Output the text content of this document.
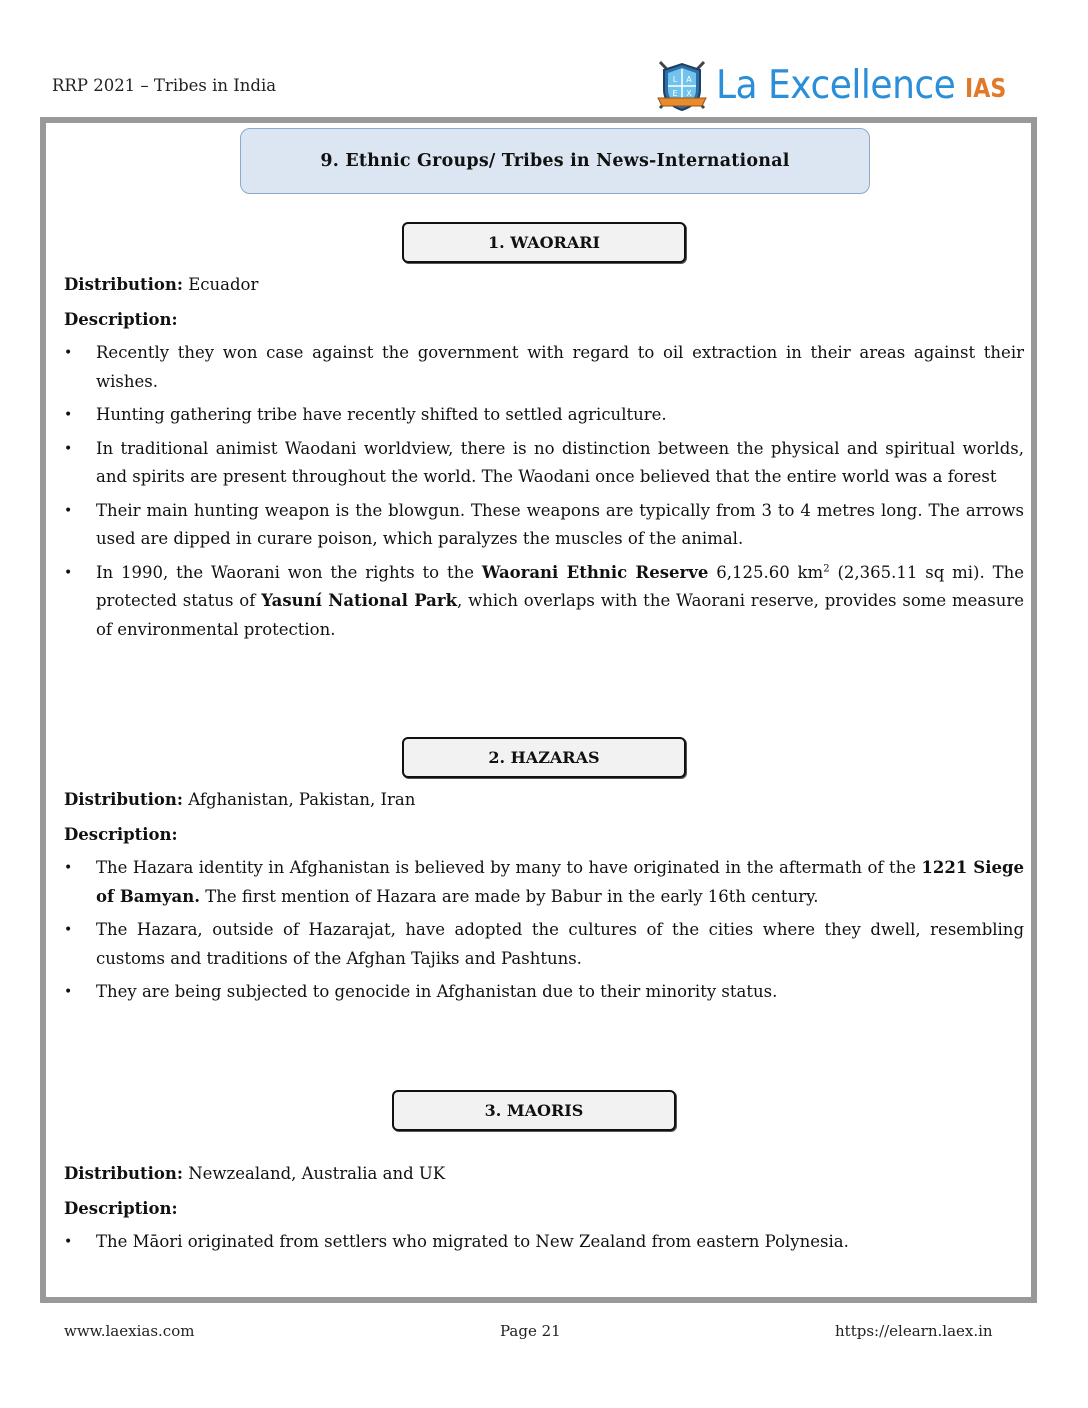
RRP 2021 – Tribes in India	L A
E X La Excellence IAS
9. Ethnic Groups/ Tribes in News-International
1. WAORARI

Distribution: Ecuador

Description:

• Recently they won case against the government with regard to oil extraction in their areas against their wishes.
• Hunting gathering tribe have recently shifted to settled agriculture.
• In traditional animist Waodani worldview, there is no distinction between the physical and spiritual worlds, and spirits are present throughout the world. The Waodani once believed that the entire world was a forest
• Their main hunting weapon is the blowgun. These weapons are typically from 3 to 4 metres long. The arrows used are dipped in curare poison, which paralyzes the muscles of the animal.
• In 1990, the Waorani won the rights to the Waorani Ethnic Reserve 6,125.60 $km^2$ (2,365.11 sq mi). The protected status of Yasuní National Park, which overlaps with the Waorani reserve, provides some measure of environmental protection.
2. HAZARAS

Distribution: Afghanistan, Pakistan, Iran

Description:

• The Hazara identity in Afghanistan is believed by many to have originated in the aftermath of the 1221 Siege of Bamyan. The first mention of Hazara are made by Babur in the early 16th century.
• The Hazara, outside of Hazarajat, have adopted the cultures of the cities where they dwell, resembling customs and traditions of the Afghan Tajiks and Pashtuns.
• They are being subjected to genocide in Afghanistan due to their minority status.
3. MAORIS

Distribution: Newzealand, Australia and UK

Description:

• The Māori originated from settlers who migrated to New Zealand from eastern Polynesia.
www.laexias.com	Page 21	https://elearn.laex.in
